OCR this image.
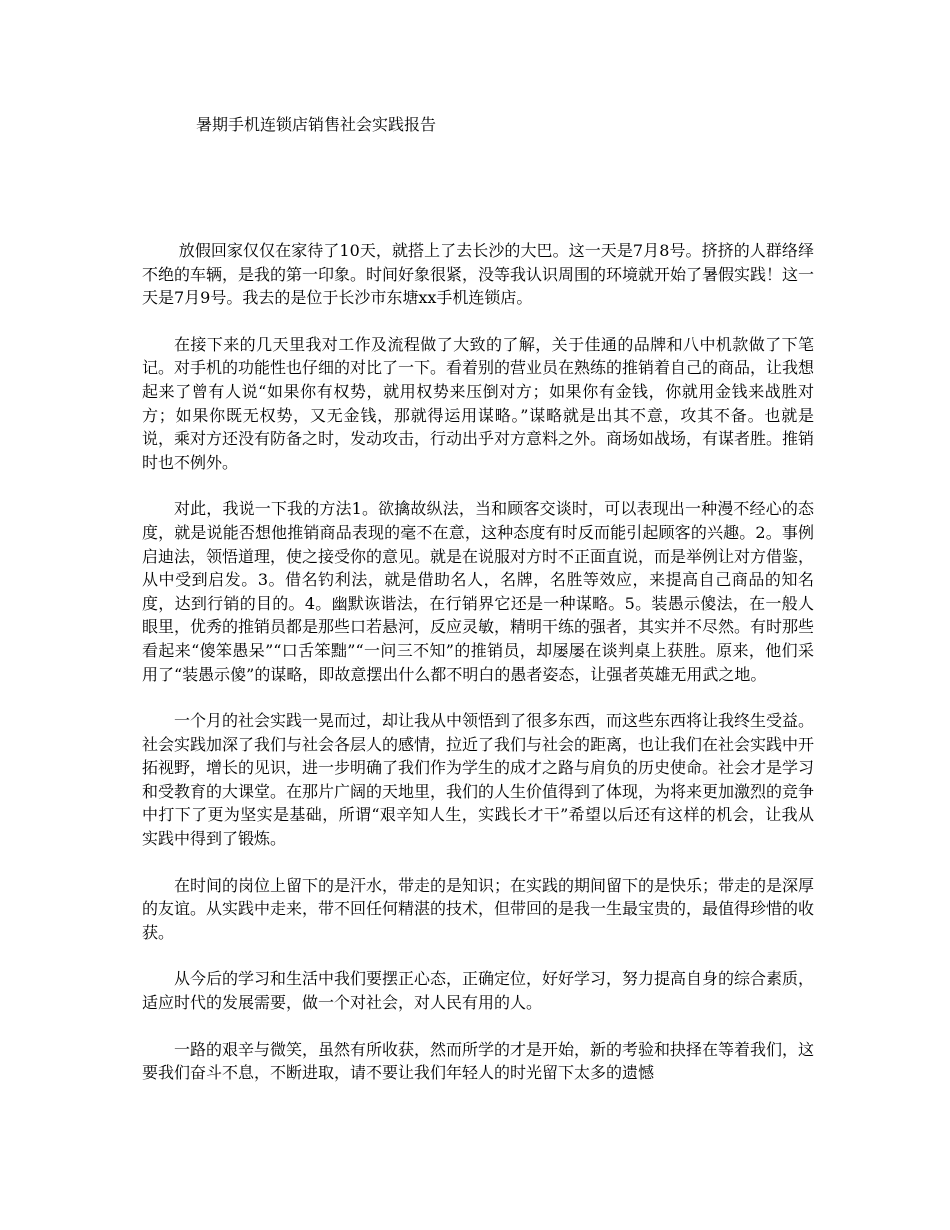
暑期手机连锁店销售社会实践报告

放假回家仅仅在家待了10天，就搭上了去长沙的大巴。这一天是7月8号。挤挤的人群络绎不绝的车辆，是我的第一印象。时间好象很紧，没等我认识周围的环境就开始了暑假实践！这一天是7月9号。我去的是位于长沙市东塘xx手机连锁店。

在接下来的几天里我对工作及流程做了大致的了解，关于佳通的品牌和八中机款做了下笔记。对手机的功能性也仔细的对比了一下。看着别的营业员在熟练的推销着自己的商品，让我想起来了曾有人说“如果你有权势，就用权势来压倒对方；如果你有金钱，你就用金钱来战胜对方；如果你既无权势，又无金钱，那就得运用谋略。”谋略就是出其不意，攻其不备。也就是说，乘对方还没有防备之时，发动攻击，行动出乎对方意料之外。商场如战场，有谋者胜。推销时也不例外。

对此，我说一下我的方法1。欲擒故纵法，当和顾客交谈时，可以表现出一种漫不经心的态度，就是说能否想他推销商品表现的毫不在意，这种态度有时反而能引起顾客的兴趣。2。事例启迪法，领悟道理，使之接受你的意见。就是在说服对方时不正面直说，而是举例让对方借鉴，从中受到启发。3。借名钓利法，就是借助名人，名牌，名胜等效应，来提高自己商品的知名度，达到行销的目的。4。幽默诙谐法，在行销界它还是一种谋略。5。装愚示傻法，在一般人眼里，优秀的推销员都是那些口若悬河，反应灵敏，精明干练的强者，其实并不尽然。有时那些看起来“傻笨愚呆”“口舌笨黜”“一问三不知”的推销员，却屡屡在谈判桌上获胜。原来，他们采用了“装愚示傻”的谋略，即故意摆出什么都不明白的愚者姿态，让强者英雄无用武之地。

一个月的社会实践一晃而过，却让我从中领悟到了很多东西，而这些东西将让我终生受益。社会实践加深了我们与社会各层人的感情，拉近了我们与社会的距离，也让我们在社会实践中开拓视野，增长的见识，进一步明确了我们作为学生的成才之路与肩负的历史使命。社会才是学习和受教育的大课堂。在那片广阔的天地里，我们的人生价值得到了体现，为将来更加激烈的竞争中打下了更为坚实是基础，所谓“艰辛知人生，实践长才干”希望以后还有这样的机会，让我从实践中得到了锻炼。

在时间的岗位上留下的是汗水，带走的是知识；在实践的期间留下的是快乐；带走的是深厚的友谊。从实践中走来，带不回任何精湛的技术，但带回的是我一生最宝贵的，最值得珍惜的收获。

从今后的学习和生活中我们要摆正心态，正确定位，好好学习，努力提高自身的综合素质，适应时代的发展需要，做一个对社会，对人民有用的人。

一路的艰辛与微笑，虽然有所收获，然而所学的才是开始，新的考验和抉择在等着我们，这要我们奋斗不息，不断进取，请不要让我们年轻人的时光留下太多的遗憾
